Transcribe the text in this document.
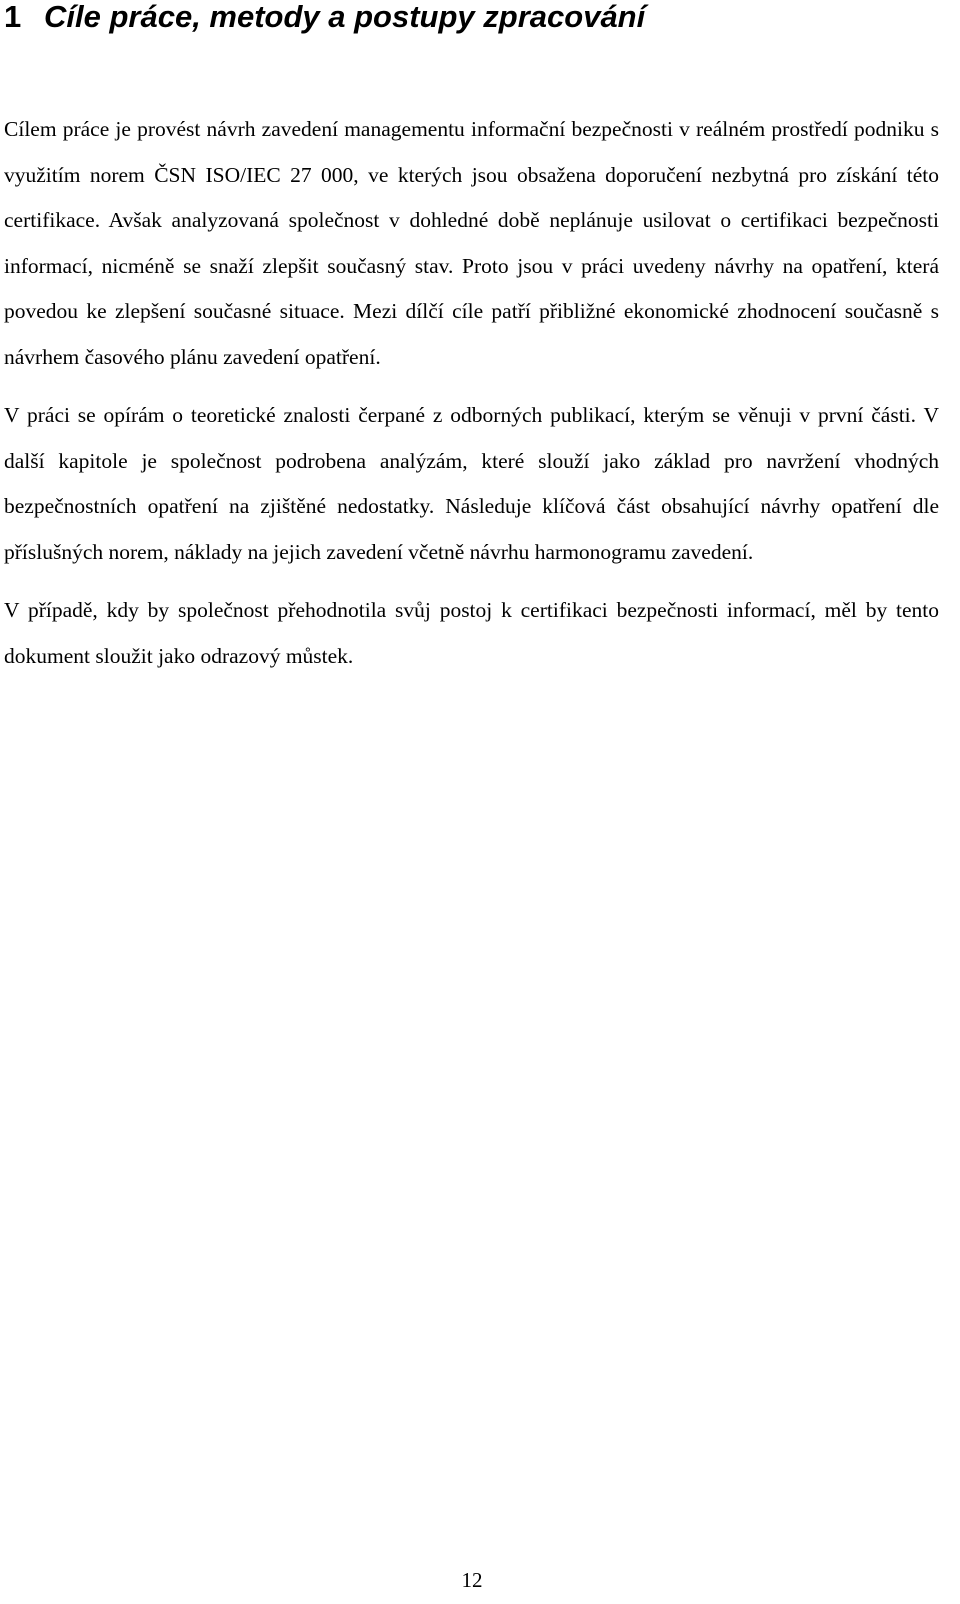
1 Cíle práce, metody a postupy zpracování

Cílem práce je provést návrh zavedení managementu informační bezpečnosti v reálném prostředí podniku s využitím norem ČSN ISO/IEC 27 000, ve kterých jsou obsažena doporučení nezbytná pro získání této certifikace. Avšak analyzovaná společnost v dohledné době neplánuje usilovat o certifikaci bezpečnosti informací, nicméně se snaží zlepšit současný stav. Proto jsou v práci uvedeny návrhy na opatření, která povedou ke zlepšení současné situace. Mezi dílčí cíle patří přibližné ekonomické zhodnocení současně s návrhem časového plánu zavedení opatření.

V práci se opírám o teoretické znalosti čerpané z odborných publikací, kterým se věnuji v první části. V další kapitole je společnost podrobena analýzám, které slouží jako základ pro navržení vhodných bezpečnostních opatření na zjištěné nedostatky. Následuje klíčová část obsahující návrhy opatření dle příslušných norem, náklady na jejich zavedení včetně návrhu harmonogramu zavedení.

V případě, kdy by společnost přehodnotila svůj postoj k certifikaci bezpečnosti informací, měl by tento dokument sloužit jako odrazový můstek.

12
